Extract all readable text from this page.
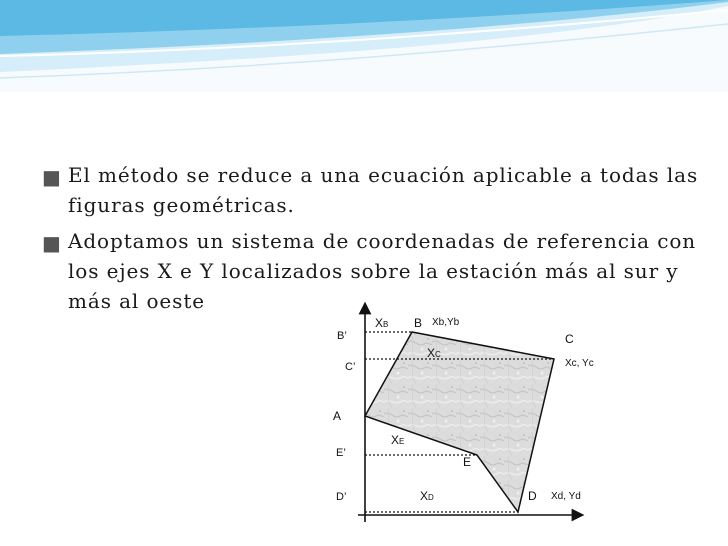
■ El método se reduce a una ecuación aplicable a todas las figuras geométricas.
■ Adoptamos un sistema de coordenadas de referencia con los ejes X e Y localizados sobre la estación más al sur y más al oeste
A
B
C
D
E
B’
C’
E’
D’
XB
XC
XE
XD
Xb,Yb
Xc, Yc
Xd, Yd
